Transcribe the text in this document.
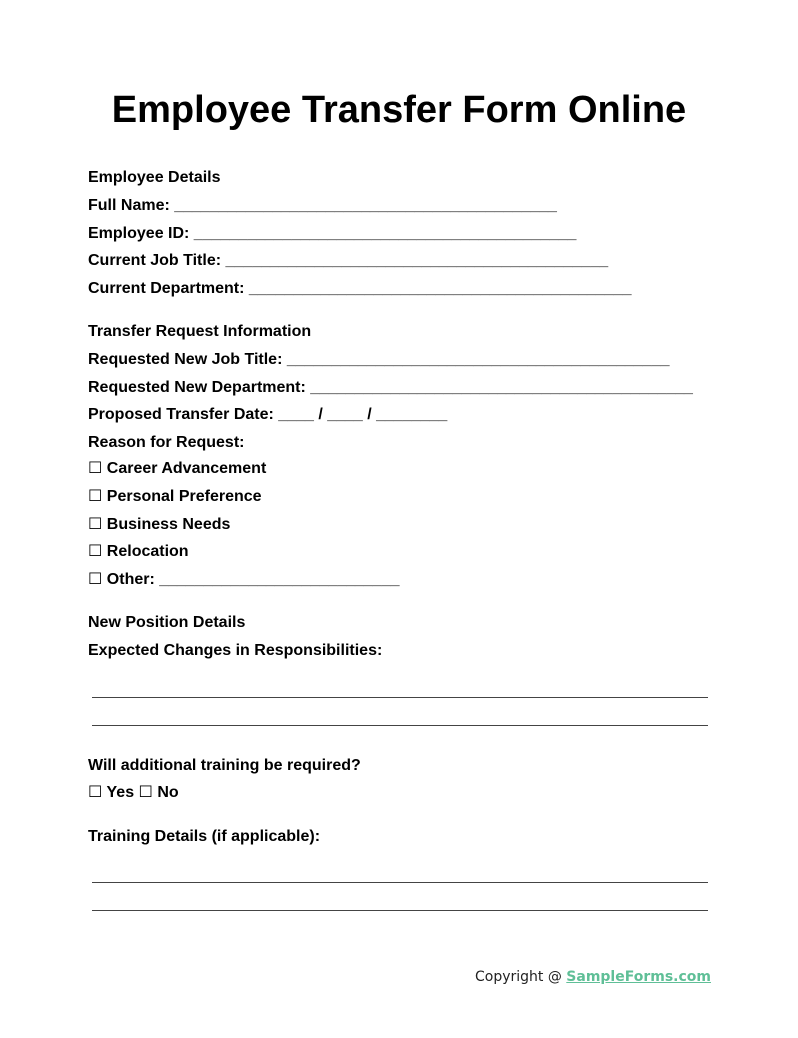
Employee Transfer Form Online
Employee Details
Full Name: ___________________________________________
Employee ID: ___________________________________________
Current Job Title: ___________________________________________
Current Department: ___________________________________________
Transfer Request Information
Requested New Job Title: ___________________________________________
Requested New Department: ___________________________________________
Proposed Transfer Date: ____ / ____ / ________
Reason for Request:
☐ Career Advancement
☐ Personal Preference
☐ Business Needs
☐ Relocation
☐ Other: ___________________________
New Position Details
Expected Changes in Responsibilities:
Will additional training be required?
☐ Yes ☐ No
Training Details (if applicable):
Copyright @ SampleForms.com
